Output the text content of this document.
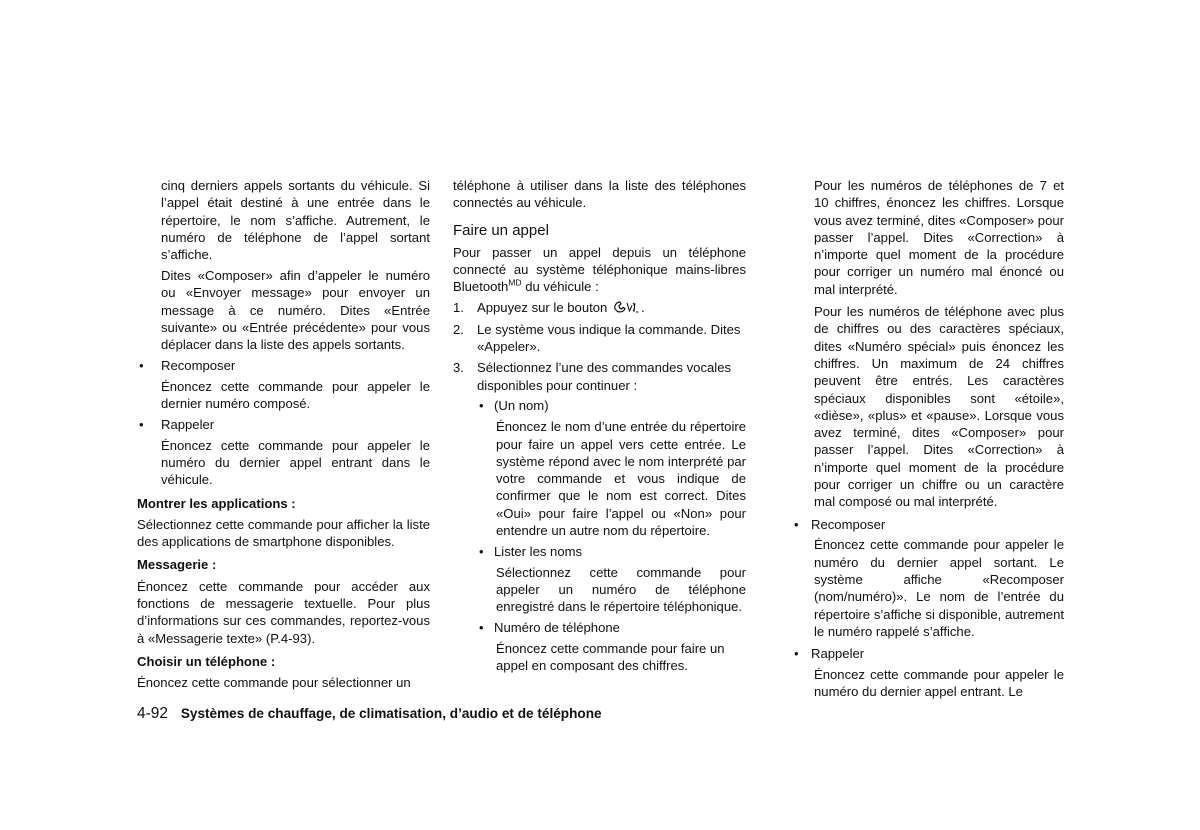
cinq derniers appels sortants du véhicule. Si l’appel était destiné à une entrée dans le répertoire, le nom s’affiche. Autrement, le numéro de téléphone de l’appel sortant s’affiche.

Dites «Composer» afin d’appeler le numéro ou «Envoyer message» pour envoyer un message à ce numéro. Dites «Entrée suivante» ou «Entrée précédente» pour vous déplacer dans la liste des appels sortants.

• Recomposer

Énoncez cette commande pour appeler le dernier numéro composé.

• Rappeler

Énoncez cette commande pour appeler le numéro du dernier appel entrant dans le véhicule.

Montrer les applications :

Sélectionnez cette commande pour afficher la liste des applications de smartphone disponibles.

Messagerie :

Énoncez cette commande pour accéder aux fonctions de messagerie textuelle. Pour plus d’informations sur ces commandes, reportez-vous à «Messagerie texte» (P.4-93).

Choisir un téléphone :

Énoncez cette commande pour sélectionner un

téléphone à utiliser dans la liste des téléphones connectés au véhicule.

Faire un appel

Pour passer un appel depuis un téléphone connecté au système téléphonique mains-libres Bluetooth$^{MD}$ du véhicule :

1. Appuyez sur le bouton	.
2. Le système vous indique la commande. Dites «Appeler».
3. Sélectionnez l’une des commandes vocales disponibles pour continuer :
• (Un nom)

Énoncez le nom d’une entrée du répertoire pour faire un appel vers cette entrée. Le système répond avec le nom interprété par votre commande et vous indique de confirmer que le nom est correct. Dites «Oui» pour faire l’appel ou «Non» pour entendre un autre nom du répertoire.

• Lister les noms

Sélectionnez cette commande pour appeler un numéro de téléphone enregistré dans le répertoire téléphonique.

• Numéro de téléphone

Énoncez cette commande pour faire un appel en composant des chiffres.

Pour les numéros de téléphones de 7 et 10 chiffres, énoncez les chiffres. Lorsque vous avez terminé, dites «Composer» pour passer l’appel. Dites «Correction» à n’importe quel moment de la procédure pour corriger un numéro mal énoncé ou mal interprété.

Pour les numéros de téléphone avec plus de chiffres ou des caractères spéciaux, dites «Numéro spécial» puis énoncez les chiffres. Un maximum de 24 chiffres peuvent être entrés. Les caractères spéciaux disponibles sont «étoile», «dièse», «plus» et «pause». Lorsque vous avez terminé, dites «Composer» pour passer l’appel. Dites «Correction» à n’importe quel moment de la procédure pour corriger un chiffre ou un caractère mal composé ou mal interprété.

• Recomposer

Énoncez cette commande pour appeler le numéro du dernier appel sortant. Le système affiche «Recomposer (nom/numéro)». Le nom de l’entrée du répertoire s’affiche si disponible, autrement le numéro rappelé s’affiche.

• Rappeler

Énoncez cette commande pour appeler le numéro du dernier appel entrant. Le

4-92 Systèmes de chauffage, de climatisation, d’audio et de téléphone
